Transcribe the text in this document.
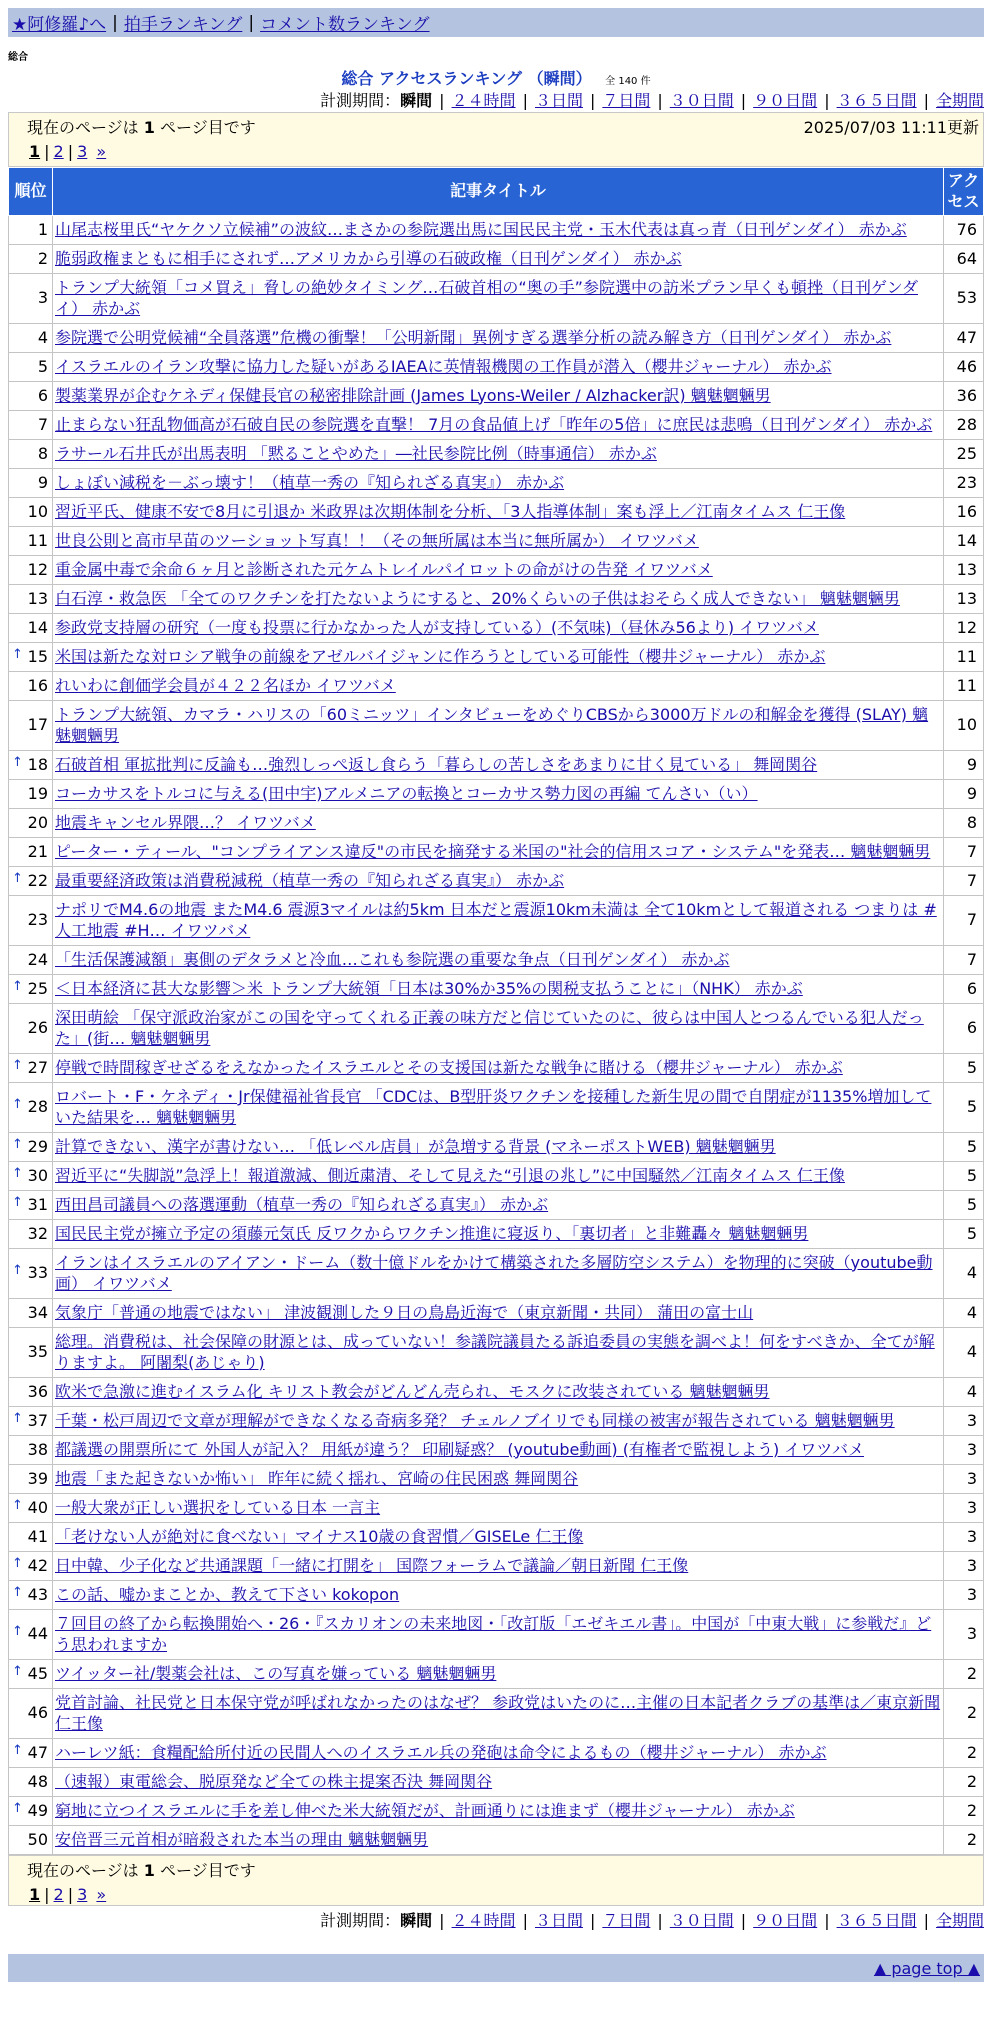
★阿修羅♪へ | 拍手ランキング | コメント数ランキング
総合
総合 アクセスランキング （瞬間） 全 140 件
計測期間：瞬間 | ２４時間 | ３日間 | ７日間 | ３０日間 | ９０日間 | ３６５日間 | 全期間
現在のページは 1 ページ目です	2025/07/03 11:11更新
1 | 2 | 3 »
順位	記事タイトル	アクセス
1	山尾志桜里氏“ヤケクソ立候補”の波紋…まさかの参院選出馬に国民民主党・玉木代表は真っ青（日刊ゲンダイ） 赤かぶ	76
2	脆弱政権まともに相手にされず…アメリカから引導の石破政権（日刊ゲンダイ） 赤かぶ	64
3	トランプ大統領「コメ買え」脅しの絶妙タイミング…石破首相の“奥の手”参院選中の訪米プラン早くも頓挫（日刊ゲンダイ） 赤かぶ	53
4	参院選で公明党候補“全員落選”危機の衝撃！「公明新聞」異例すぎる選挙分析の読み解き方（日刊ゲンダイ） 赤かぶ	47
5	イスラエルのイラン攻撃に協力した疑いがあるIAEAに英情報機関の工作員が潜入（櫻井ジャーナル） 赤かぶ	46
6	製薬業界が企むケネディ保健長官の秘密排除計画 (James Lyons-Weiler / Alzhacker訳) 魑魅魍魎男	36
7	止まらない狂乱物価高が石破自民の参院選を直撃！ 7月の食品値上げ「昨年の5倍」に庶民は悲鳴（日刊ゲンダイ） 赤かぶ	28
8	ラサール石井氏が出馬表明 「黙ることやめた」―社民参院比例（時事通信） 赤かぶ	25
9	しょぼい減税を－ぶっ壊す！（植草一秀の『知られざる真実』） 赤かぶ	23
10	習近平氏、健康不安で8月に引退か 米政界は次期体制を分析、「3人指導体制」案も浮上／江南タイムス 仁王像	16
11	世良公則と高市早苗のツーショット写真！！（その無所属は本当に無所属か） イワツバメ	14
12	重金属中毒で余命６ヶ月と診断された元ケムトレイルパイロットの命がけの告発 イワツバメ	13
13	白石淳・救急医 「全てのワクチンを打たないようにすると、20%くらいの子供はおそらく成人できない」 魑魅魍魎男	13
14	参政党支持層の研究（一度も投票に行かなかった人が支持している）(不気味)（昼休み56より) イワツバメ	12

↑ 15	米国は新たな対ロシア戦争の前線をアゼルバイジャンに作ろうとしている可能性（櫻井ジャーナル） 赤かぶ	11
16	れいわに創価学会員が４２２名ほか イワツバメ	11
17	トランプ大統領、カマラ・ハリスの「60ミニッツ」インタビューをめぐりCBSから3000万ドルの和解金を獲得 (SLAY) 魑魅魍魎男	10

↑ 18	石破首相 軍拡批判に反論も…強烈しっぺ返し食らう「暮らしの苦しさをあまりに甘く見ている」 舞岡関谷	9
19	コーカサスをトルコに与える(田中宇)アルメニアの転換とコーカサス勢力図の再編 てんさい（い）	9
20	地震キャンセル界隈…？ イワツバメ	8
21	ピーター・ティール、"コンプライアンス違反"の市民を摘発する米国の"社会的信用スコア・システム"を発表… 魑魅魍魎男	7

↑ 22	最重要経済政策は消費税減税（植草一秀の『知られざる真実』） 赤かぶ	7
23	ナポリでM4.6の地震 またM4.6 震源3マイルは約5km 日本だと震源10km未満は 全て10kmとして報道される つまりは #人工地震 #H… イワツバメ	7
24	「生活保護減額」裏側のデタラメと冷血…これも参院選の重要な争点（日刊ゲンダイ） 赤かぶ	7

↑ 25	＜日本経済に甚大な影響＞米 トランプ大統領「日本は30%か35%の関税支払うことに」（NHK） 赤かぶ	6
26	深田萌絵 「保守派政治家がこの国を守ってくれる正義の味方だと信じていたのに、彼らは中国人とつるんでいる犯人だった」(街… 魑魅魍魎男	6

↑ 27	停戦で時間稼ぎせざるをえなかったイスラエルとその支援国は新たな戦争に賭ける（櫻井ジャーナル） 赤かぶ	5

↑ 28	ロバート・F・ケネディ・Jr保健福祉省長官 「CDCは、B型肝炎ワクチンを接種した新生児の間で自閉症が1135%増加していた結果を… 魑魅魍魎男	5

↑ 29	計算できない、漢字が書けない… 「低レベル店員」が急増する背景 (マネーポストWEB) 魑魅魍魎男	5

↑ 30	習近平に“失脚説”急浮上！報道激減、側近粛清、そして見えた“引退の兆し”に中国騒然／江南タイムス 仁王像	5

↑ 31	西田昌司議員への落選運動（植草一秀の『知られざる真実』） 赤かぶ	5
32	国民民主党が擁立予定の須藤元気氏 反ワクからワクチン推進に寝返り、「裏切者」と非難轟々 魑魅魍魎男	5

↑ 33	イランはイスラエルのアイアン・ドーム（数十億ドルをかけて構築された多層防空システム）を物理的に突破（youtube動画） イワツバメ	4
34	気象庁「普通の地震ではない」 津波観測した９日の鳥島近海で（東京新聞・共同） 蒲田の富士山	4
35	総理。消費税は、社会保障の財源とは、成っていない！参議院議員たる訴追委員の実態を調べよ！何をすべきか、全てが解りますよ。 阿闍梨(あじゃり)	4
36	欧米で急激に進むイスラム化 キリスト教会がどんどん売られ、モスクに改装されている 魑魅魍魎男	4

↑ 37	千葉・松戸周辺で文章が理解ができなくなる奇病多発？ チェルノブイリでも同様の被害が報告されている 魑魅魍魎男	3
38	都議選の開票所にて 外国人が記入？ 用紙が違う？ 印刷疑惑？ (youtube動画) (有権者で監視しよう) イワツバメ	3
39	地震「また起きないか怖い」 昨年に続く揺れ、宮崎の住民困惑 舞岡関谷	3

↑ 40	一般大衆が正しい選択をしている日本 一言主	3
41	「老けない人が絶対に食べない」マイナス10歳の食習慣／GISELe 仁王像	3

↑ 42	日中韓、少子化など共通課題「一緒に打開を」 国際フォーラムで議論／朝日新聞 仁王像	3

↑ 43	この話、嘘かまことか、教えて下さい kokopon	3

↑ 44	７回目の終了から転換開始へ・26・『スカリオンの未来地図・「改訂版「エゼキエル書」。中国が「中東大戦」に参戦だ』どう思われますか	3

↑ 45	ツイッター社/製薬会社は、この写真を嫌っている 魑魅魍魎男	2
46	党首討論、社民党と日本保守党が呼ばれなかったのはなぜ？ 参政党はいたのに…主催の日本記者クラブの基準は／東京新聞 仁王像	2

↑ 47	ハーレツ紙：食糧配給所付近の民間人へのイスラエル兵の発砲は命令によるもの（櫻井ジャーナル） 赤かぶ	2
48	（速報）東電総会、脱原発など全ての株主提案否決 舞岡関谷	2

↑ 49	窮地に立つイスラエルに手を差し伸べた米大統領だが、計画通りには進まず（櫻井ジャーナル） 赤かぶ	2
50	安倍晋三元首相が暗殺された本当の理由 魑魅魍魎男	2
現在のページは 1 ページ目です
1 | 2 | 3 »
計測期間：瞬間 | ２４時間 | ３日間 | ７日間 | ３０日間 | ９０日間 | ３６５日間 | 全期間
▲ page top ▲
